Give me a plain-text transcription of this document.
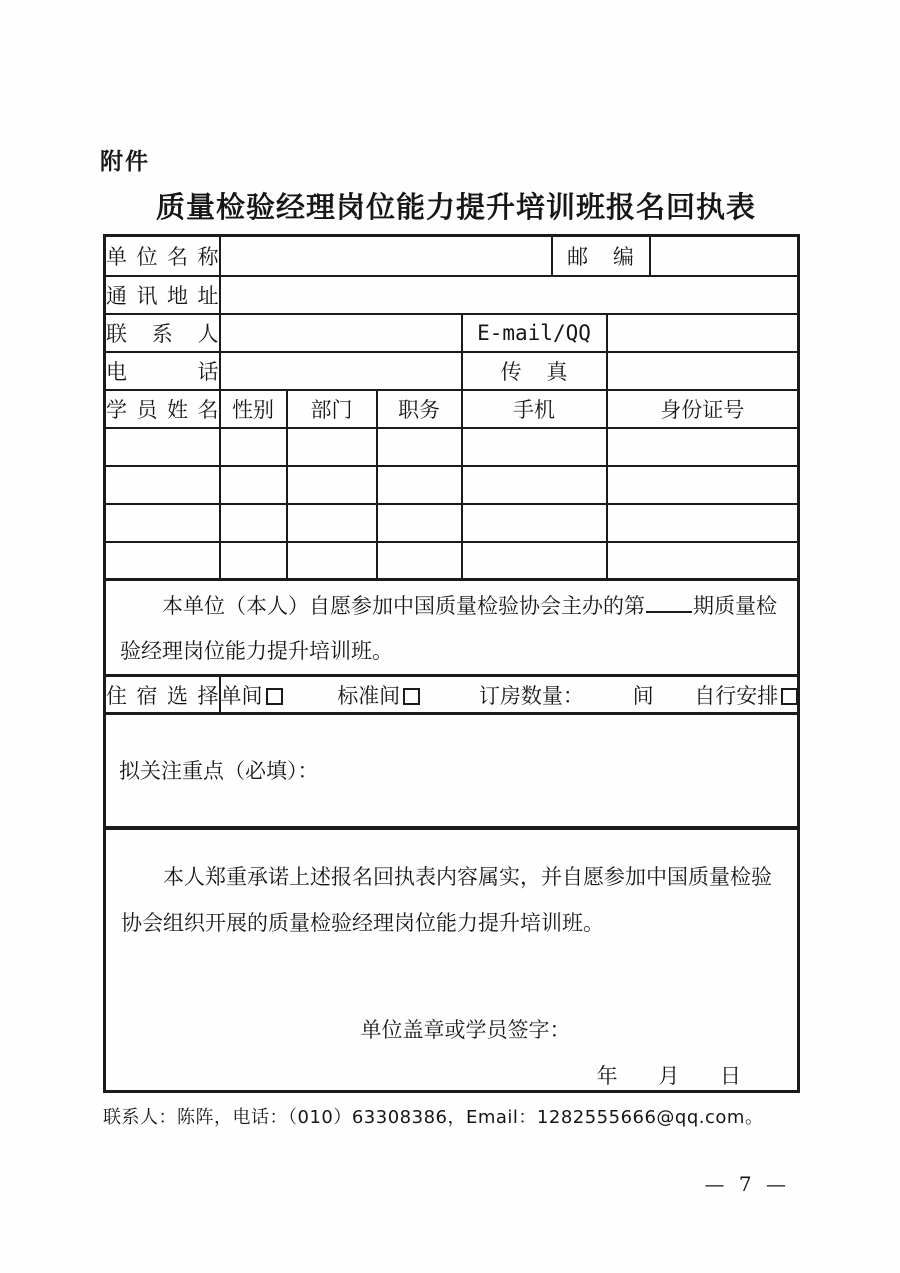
附件
质量检验经理岗位能力提升培训班报名回执表
单位名称					邮 编		
通讯地址							
联系人				E-mail/QQ			
电话				传 真			
学员姓名	性别	部门	职务	手机		身份证号	

本单位（本人）自愿参加中国质量检验协会主办的第 期质量检验经理岗位能力提升培训班。							

住宿选择	单间 标准间 订房数量： 间 自行安排						

拟关注重点（必填）：							

本人郑重承诺上述报名回执表内容属实，并自愿参加中国质量检验协会组织开展的质量检验经理岗位能力提升培训班。

单位盖章或学员签字：
年 月 日							
联系人：陈阵，电话：（010）63308386，Email：1282555666@qq.com。
— 7 —
